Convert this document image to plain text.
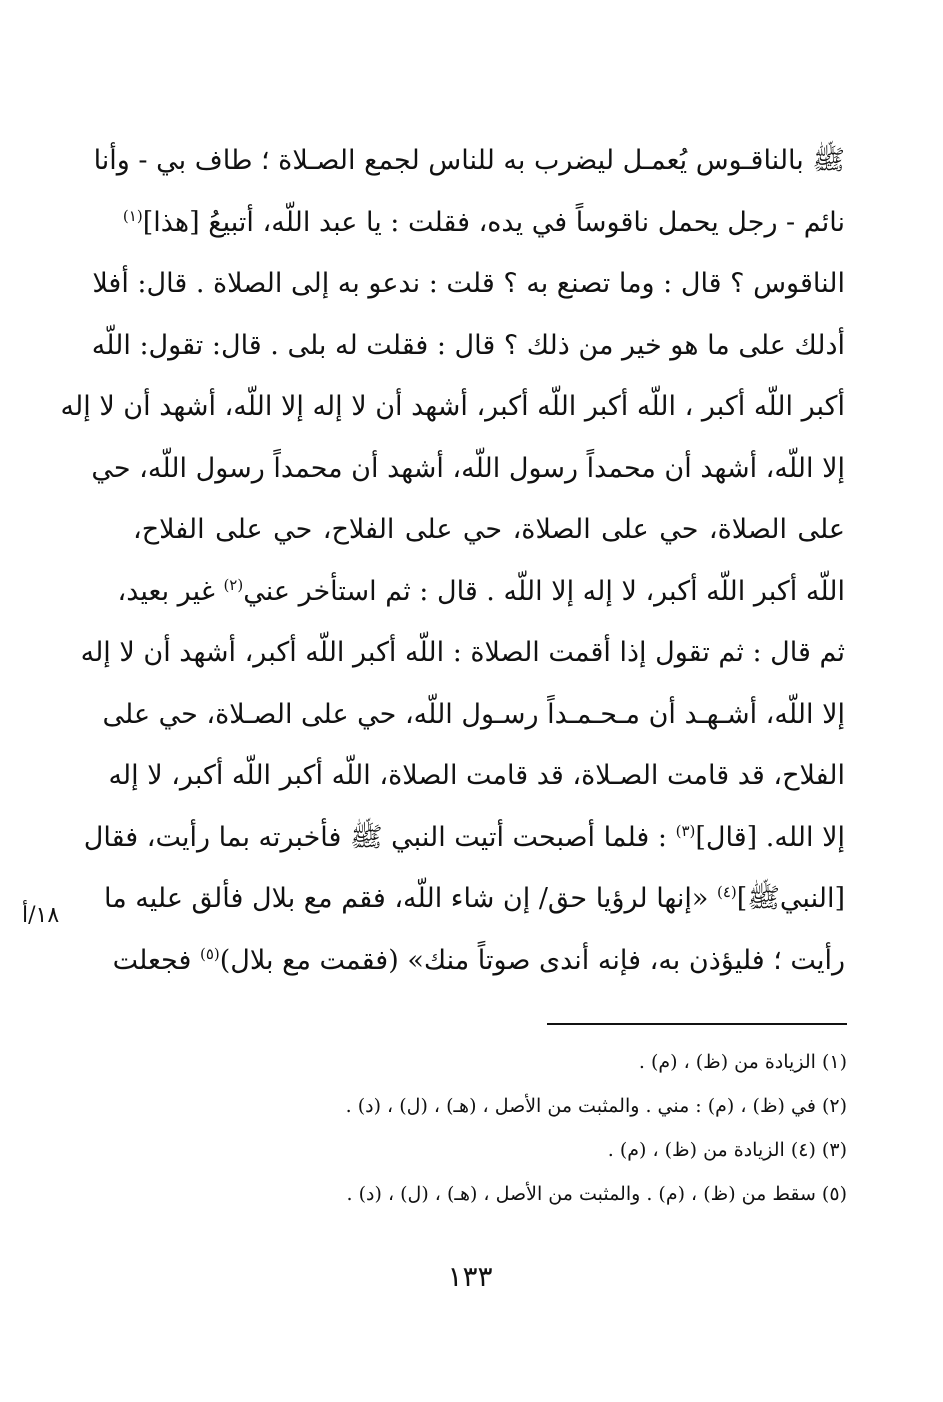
ﷺ بالناقـوس يُعمـل ليضرب به للناس لجمع الصـلاة ؛ طاف بي - وأنا
نائم - رجل يحمل ناقوساً في يده، فقلت : يا عبد اللّه، أتبيعُ [هذا]$^{(١)}$
الناقوس ؟ قال : وما تصنع به ؟ قلت : ندعو به إلى الصلاة . قال: أفلا
أدلك على ما هو خير من ذلك ؟ قال : فقلت له بلى . قال: تقول: اللّه
أكبر اللّه أكبر ، اللّه أكبر اللّه أكبر، أشهد أن لا إله إلا اللّه، أشهد أن لا إله
إلا اللّه، أشهد أن محمداً رسول اللّه، أشهد أن محمداً رسول اللّه، حي
على الصلاة، حي على الصلاة، حي على الفلاح، حي على الفلاح،
اللّه أكبر اللّه أكبر، لا إله إلا اللّه . قال : ثم استأخر عني$^{(٢)}$ غير بعيد،
ثم قال : ثم تقول إذا أقمت الصلاة : اللّه أكبر اللّه أكبر، أشهد أن لا إله
إلا اللّه، أشـهـد أن مـحـمـداً رسـول اللّه، حي على الصـلاة، حي على
الفلاح، قد قامت الصـلاة، قد قامت الصلاة، اللّه أكبر اللّه أكبر، لا إله
إلا الله. [قال]$^{(٣)}$ : فلما أصبحت أتيت النبي ﷺ فأخبرته بما رأيت، فقال
[النبيﷺ]$^{(٤)}$ «إنها لرؤيا حق/ إن شاء اللّه، فقم مع بلال فألق عليه ما
رأيت ؛ فليؤذن به، فإنه أندى صوتاً منك» (فقمت مع بلال)$^{(٥)}$ فجعلت
١٨/أ
(١) الزيادة من (ظ) ، (م) .
(٢) في (ظ) ، (م) : مني . والمثبت من الأصل ، (هـ) ، (ل) ، (د) .
(٣) (٤) الزيادة من (ظ) ، (م) .
(٥) سقط من (ظ) ، (م) . والمثبت من الأصل ، (هـ) ، (ل) ، (د) .
١٣٣
